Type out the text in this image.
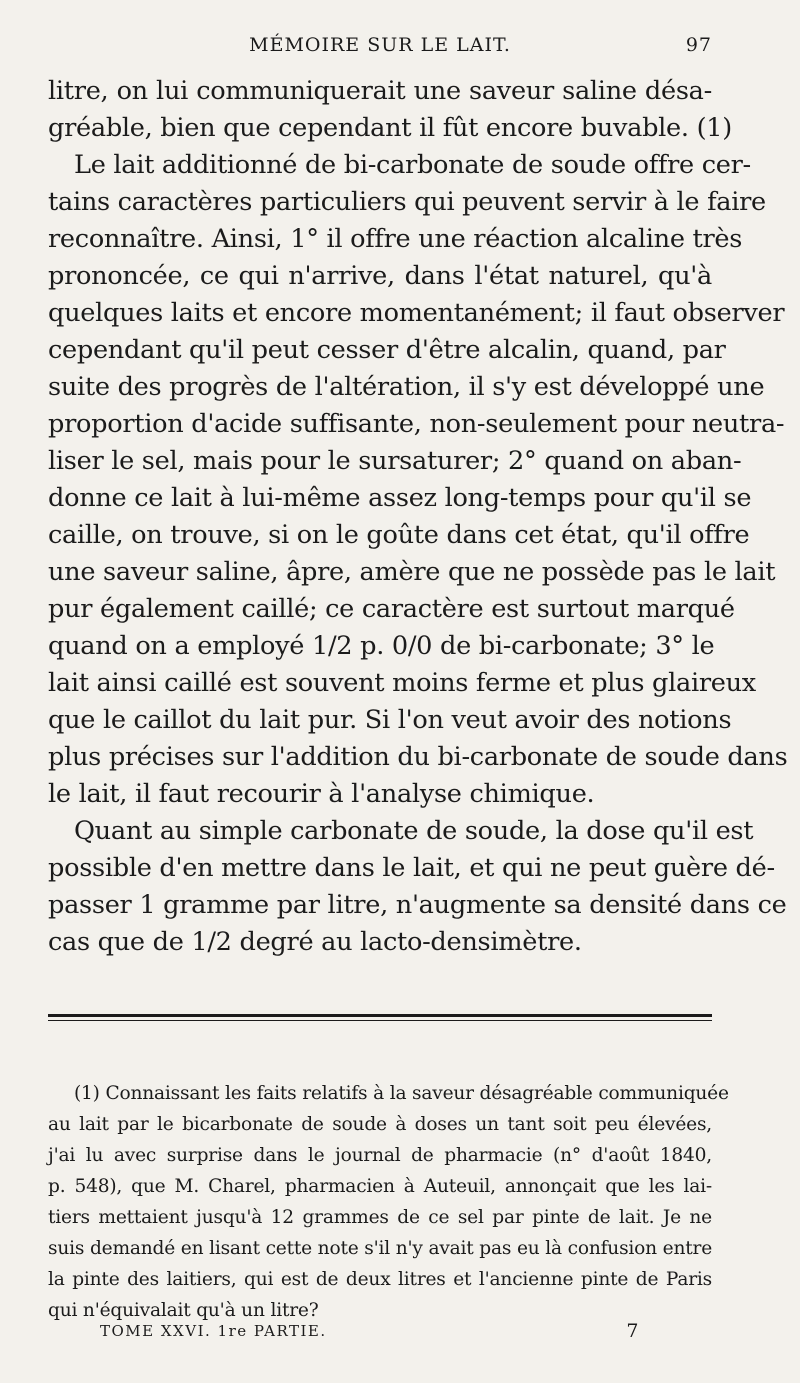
MÉMOIRE SUR LE LAIT.	97
litre, on lui communiquerait une saveur saline désa-
gréable, bien que cependant il fût encore buvable. (1)
Le lait additionné de bi-carbonate de soude offre cer-
tains caractères particuliers qui peuvent servir à le faire
reconnaître. Ainsi, 1° il offre une réaction alcaline très
prononcée, ce qui n'arrive, dans l'état naturel, qu'à
quelques laits et encore momentanément; il faut observer
cependant qu'il peut cesser d'être alcalin, quand, par
suite des progrès de l'altération, il s'y est développé une
proportion d'acide suffisante, non-seulement pour neutra-
liser le sel, mais pour le sursaturer; 2° quand on aban-
donne ce lait à lui-même assez long-temps pour qu'il se
caille, on trouve, si on le goûte dans cet état, qu'il offre
une saveur saline, âpre, amère que ne possède pas le lait
pur également caillé; ce caractère est surtout marqué
quand on a employé 1/2 p. 0/0 de bi-carbonate; 3° le
lait ainsi caillé est souvent moins ferme et plus glaireux
que le caillot du lait pur. Si l'on veut avoir des notions
plus précises sur l'addition du bi-carbonate de soude dans
le lait, il faut recourir à l'analyse chimique.
Quant au simple carbonate de soude, la dose qu'il est
possible d'en mettre dans le lait, et qui ne peut guère dé-
passer 1 gramme par litre, n'augmente sa densité dans ce
cas que de 1/2 degré au lacto-densimètre.
(1) Connaissant les faits relatifs à la saveur désagréable communiquée
au lait par le bicarbonate de soude à doses un tant soit peu élevées,
j'ai lu avec surprise dans le journal de pharmacie (n° d'août 1840,
p. 548), que M. Charel, pharmacien à Auteuil, annonçait que les lai-
tiers mettaient jusqu'à 12 grammes de ce sel par pinte de lait. Je ne
suis demandé en lisant cette note s'il n'y avait pas eu là confusion entre
la pinte des laitiers, qui est de deux litres et l'ancienne pinte de Paris
qui n'équivalait qu'à un litre?
TOME XXVI. 1re PARTIE.	7
